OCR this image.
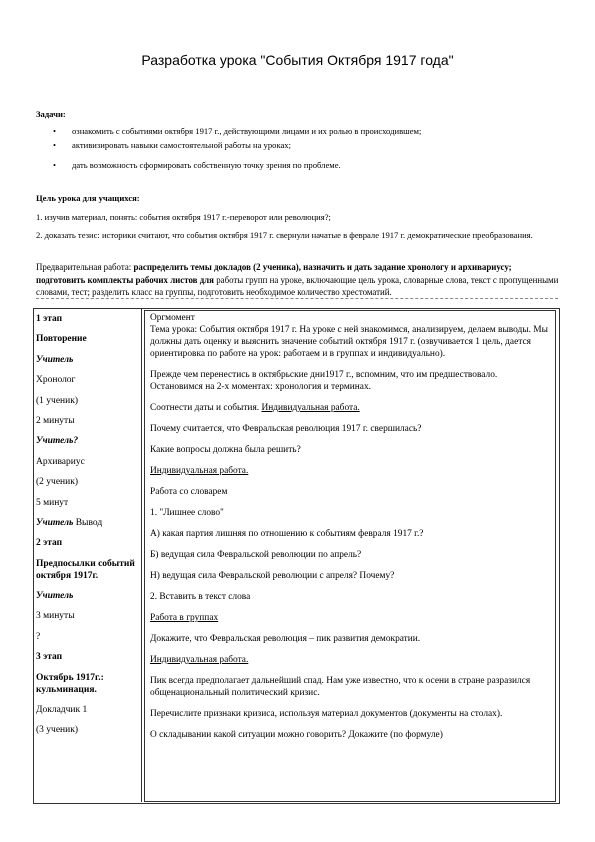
Разработка урока "События Октября 1917 года"
Задачи:
• ознакомить с событиями октября 1917 г., действующими лицами и их ролью в происходившем;
• активизировать навыки самостоятельной работы на уроках;
• дать возможность сформировать собственную точку зрения по проблеме.
Цель урока для учащихся:
1. изучив материал, понять: события октября 1917 г.-переворот или революция?;
2. доказать тезис: историки считают, что события октября 1917 г. свернули начатые в феврале 1917 г. демократические преобразования.
Предварительная работа: распределить темы докладов (2 ученика), назначить и дать задание хронологу и архивариусу; подготовить комплекты рабочих листов для работы групп на уроке, включающие цель урока, словарные слова, текст с пропущенными словами, тест; разделить класс на группы, подготовить необходимое количество хрестоматий.
1 этап
Повторение
Учитель
Хронолог
(1 ученик)
2 минуты
Учитель?
Архивариус
(2 ученик)
5 минут
Учитель Вывод
2 этап
Предпосылки событий октября 1917г.
Учитель
3 минуты
?
3 этап
Октябрь 1917г.: кульминация.
Докладчик 1
(3 ученик)
Оргмомент
Тема урока: События октября 1917 г. На уроке с ней знакомимся, анализируем, делаем выводы. Мы должны дать оценку и выяснить значение событий октября 1917 г. (озвучивается 1 цель, дается ориентировка по работе на урок: работаем и в группах и индивидуально).
Прежде чем перенестись в октябрьские дни1917 г., вспомним, что им предшествовало. Остановимся на 2-х моментах: хронология и терминах.
Соотнести даты и события. Индивидуальная работа.
Почему считается, что Февральская революция 1917 г. свершилась?
Какие вопросы должна была решить?
Индивидуальная работа.
Работа со словарем
1. "Лишнее слово"
А) какая партия лишняя по отношению к событиям февраля 1917 г.?
Б) ведущая сила Февральской революции по апрель?
Н) ведущая сила Февральской революции с апреля? Почему?
2. Вставить в текст слова
Работа в группах
Докажите, что Февральская революция – пик развития демократии.
Индивидуальная работа.
Пик всегда предполагает дальнейший спад. Нам уже известно, что к осени в стране разразился общенациональный политический кризис.
Перечислите признаки кризиса, используя материал документов (документы на столах).
О складывании какой ситуации можно говорить? Докажите (по формуле)
